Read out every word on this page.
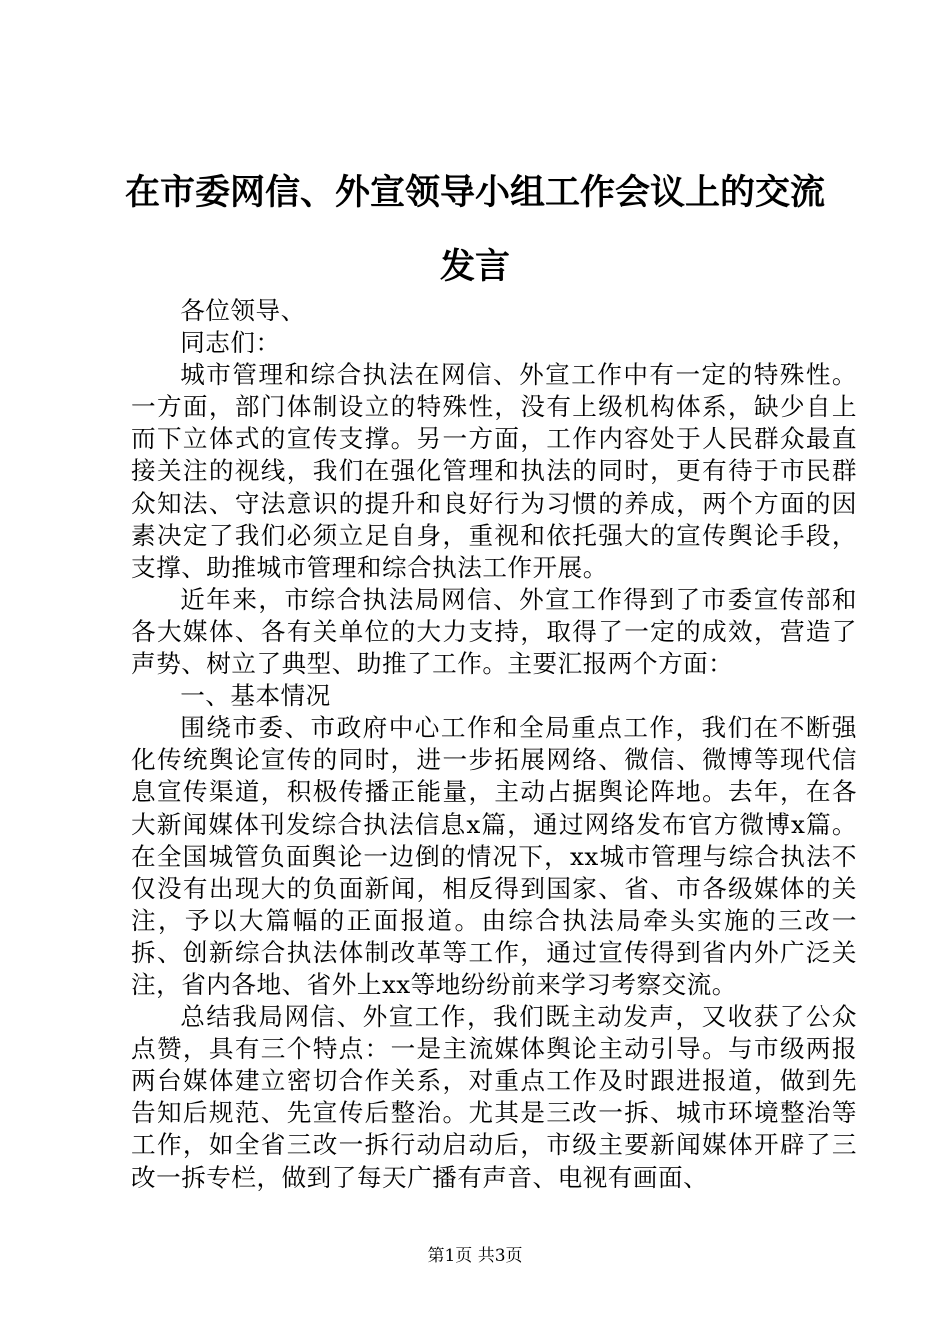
在市委网信、外宣领导小组工作会议上的交流发言

各位领导、

同志们：

城市管理和综合执法在网信、外宣工作中有一定的特殊性。一方面，部门体制设立的特殊性，没有上级机构体系，缺少自上而下立体式的宣传支撑。另一方面，工作内容处于人民群众最直接关注的视线，我们在强化管理和执法的同时，更有待于市民群众知法、守法意识的提升和良好行为习惯的养成，两个方面的因素决定了我们必须立足自身，重视和依托强大的宣传舆论手段，支撑、助推城市管理和综合执法工作开展。

近年来，市综合执法局网信、外宣工作得到了市委宣传部和各大媒体、各有关单位的大力支持，取得了一定的成效，营造了声势、树立了典型、助推了工作。主要汇报两个方面：

一、基本情况

围绕市委、市政府中心工作和全局重点工作，我们在不断强化传统舆论宣传的同时，进一步拓展网络、微信、微博等现代信息宣传渠道，积极传播正能量，主动占据舆论阵地。去年，在各大新闻媒体刊发综合执法信息x篇，通过网络发布官方微博x篇。在全国城管负面舆论一边倒的情况下，xx城市管理与综合执法不仅没有出现大的负面新闻，相反得到国家、省、市各级媒体的关注，予以大篇幅的正面报道。由综合执法局牵头实施的三改一拆、创新综合执法体制改革等工作，通过宣传得到省内外广泛关注，省内各地、省外上xx等地纷纷前来学习考察交流。

总结我局网信、外宣工作，我们既主动发声，又收获了公众点赞，具有三个特点：一是主流媒体舆论主动引导。与市级两报两台媒体建立密切合作关系，对重点工作及时跟进报道，做到先告知后规范、先宣传后整治。尤其是三改一拆、城市环境整治等工作，如全省三改一拆行动启动后，市级主要新闻媒体开辟了三改一拆专栏，做到了每天广播有声音、电视有画面、

第1页 共3页
